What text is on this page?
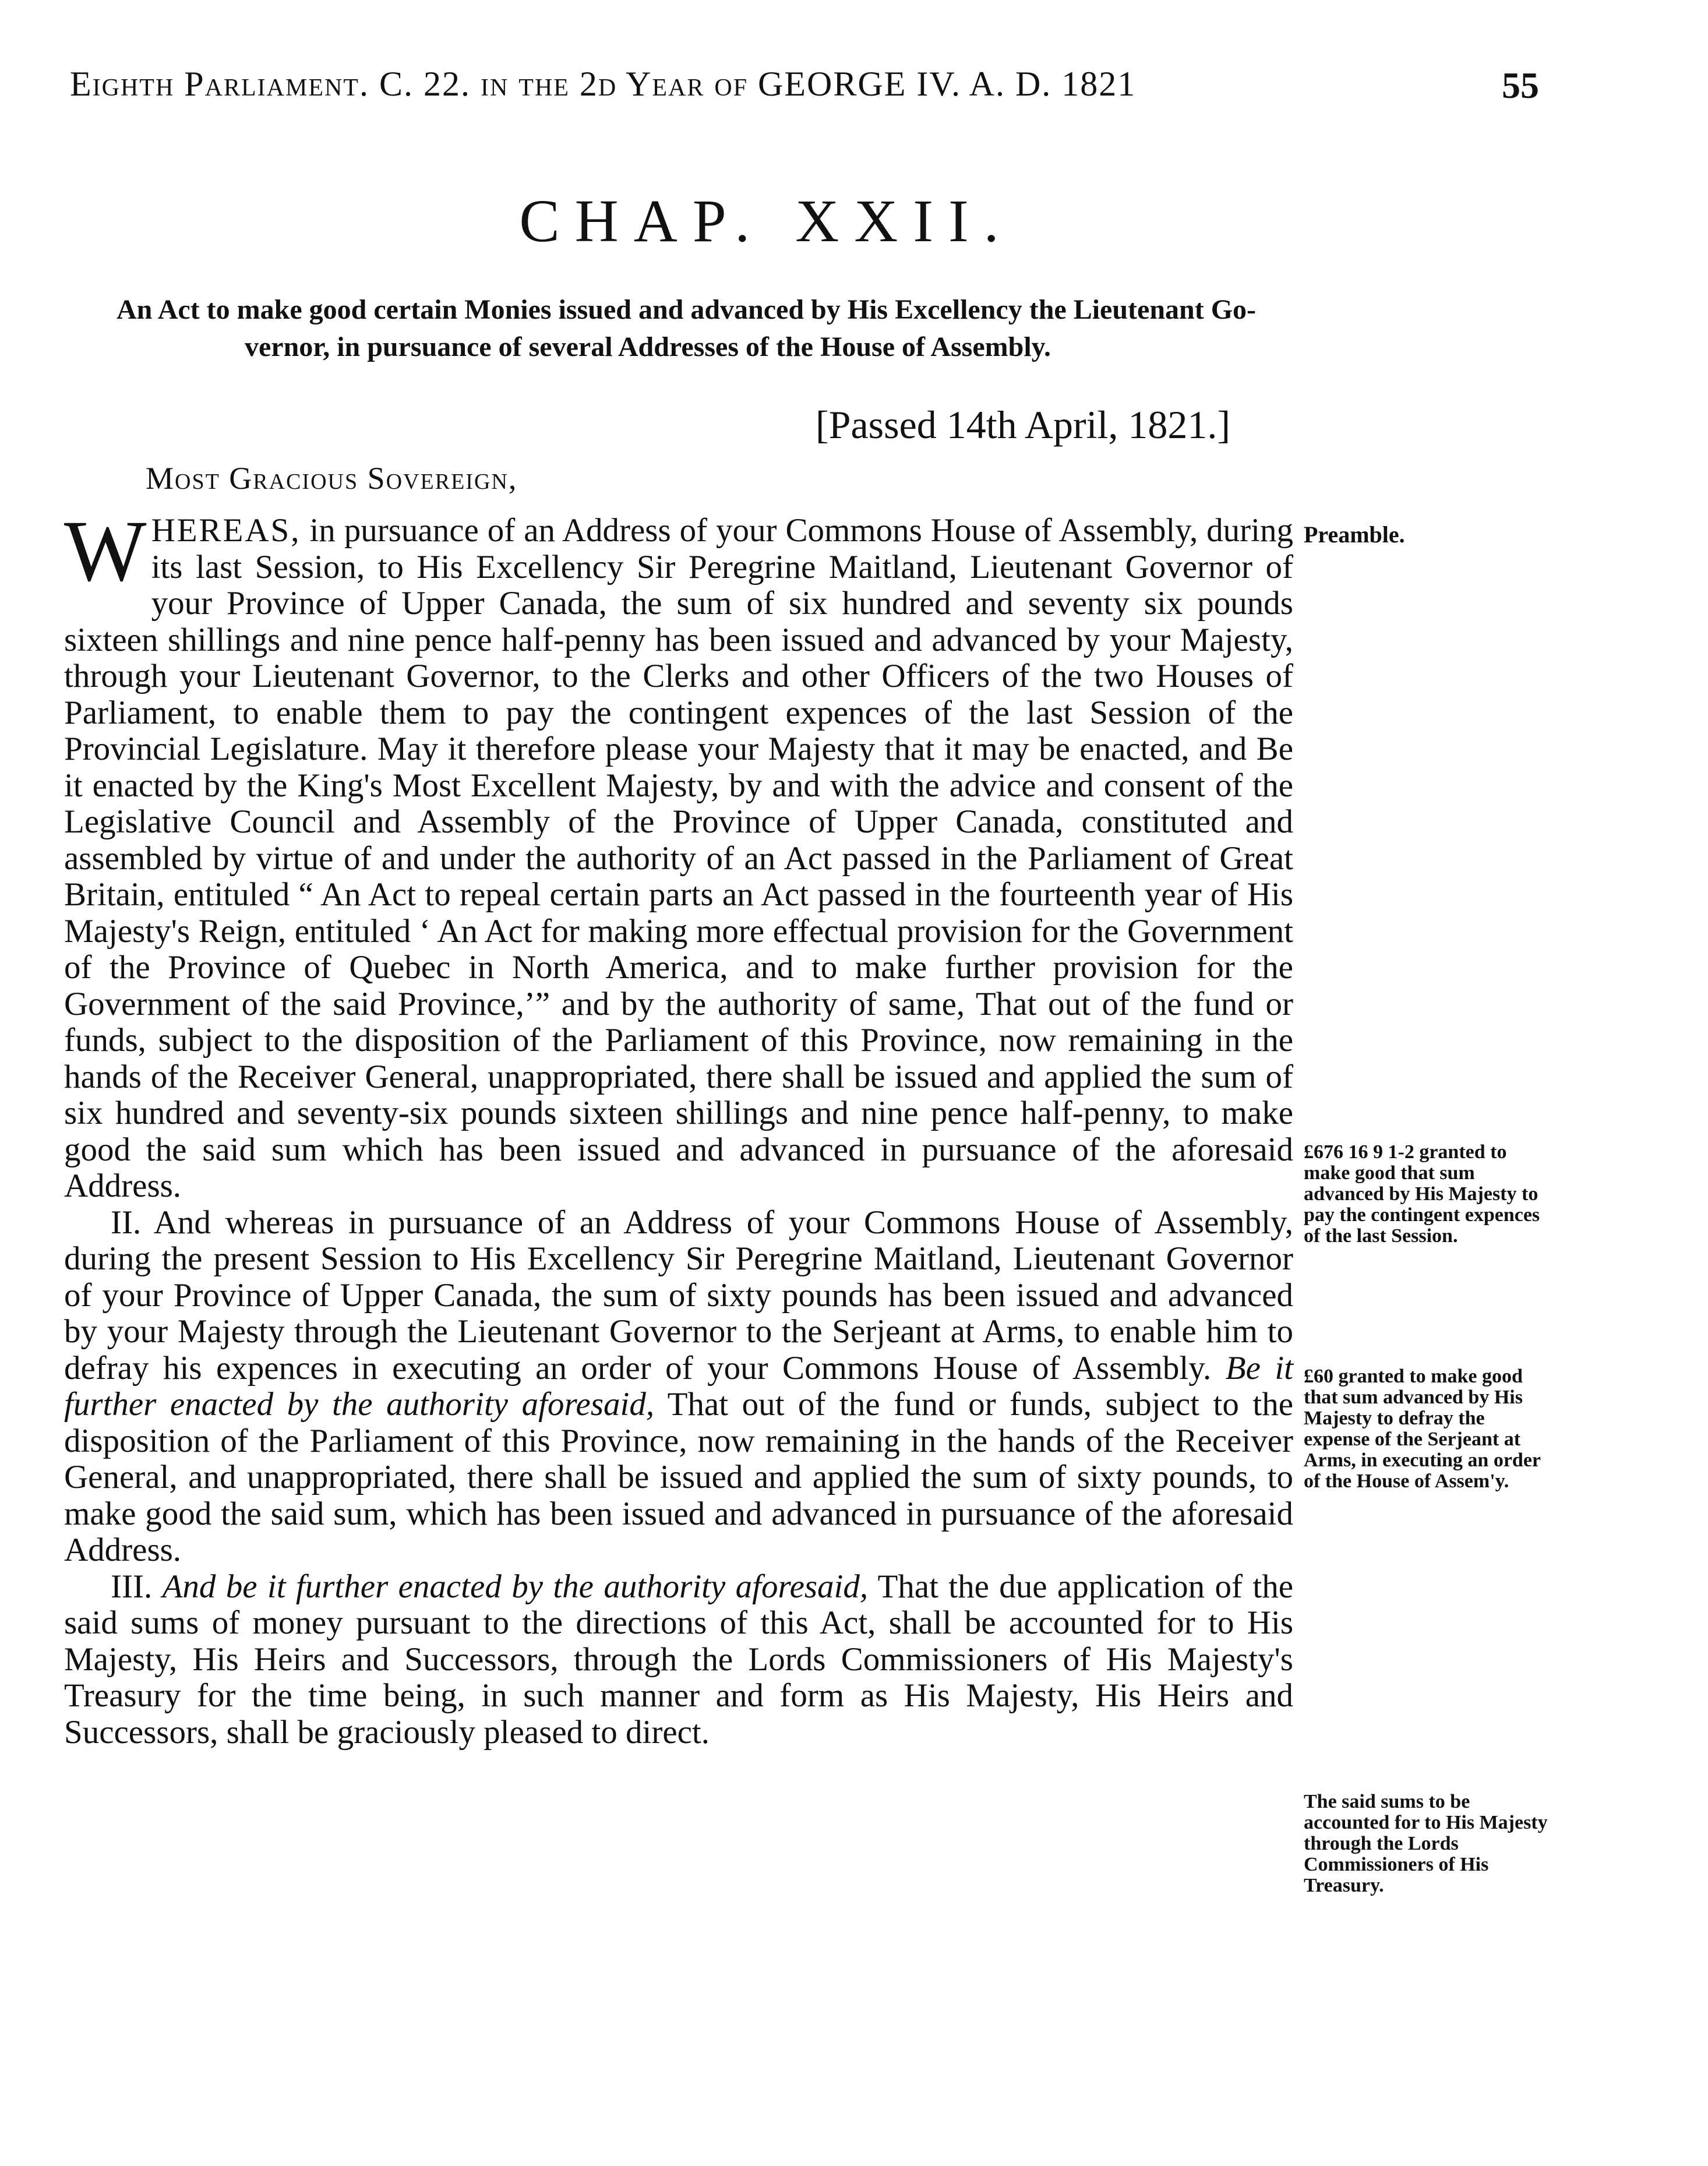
Eighth Parliament. C. 22. in the 2d Year of GEORGE IV. A. D. 1821	55
CHAP. XXII.
An Act to make good certain Monies issued and advanced by His Excellency the Lieutenant Go-
vernor, in pursuance of several Addresses of the House of Assembly.
[Passed 14th April, 1821.]
Most Gracious Sovereign,
WHEREAS, in pursuance of an Address of your Commons House of Assembly, during its last Session, to His Excellency Sir Peregrine Maitland, Lieutenant Governor of your Province of Upper Canada, the sum of six hundred and seventy six pounds sixteen shillings and nine pence half-penny has been issued and advanced by your Majesty, through your Lieutenant Governor, to the Clerks and other Officers of the two Houses of Parliament, to enable them to pay the contingent expences of the last Session of the Provincial Legislature. May it therefore please your Majesty that it may be enacted, and Be it enacted by the King's Most Excellent Majesty, by and with the advice and consent of the Legislative Council and Assembly of the Province of Upper Canada, constituted and assembled by virtue of and under the authority of an Act passed in the Parliament of Great Britain, entituled “ An Act to repeal certain parts an Act passed in the fourteenth year of His Majesty's Reign, entituled ‘ An Act for making more effectual provision for the Government of the Province of Quebec in North America, and to make further provision for the Government of the said Province,’” and by the authority of same, That out of the fund or funds, subject to the disposition of the Parliament of this Province, now remaining in the hands of the Receiver General, unappropriated, there shall be issued and applied the sum of six hundred and seventy-six pounds sixteen shillings and nine pence half-penny, to make good the said sum which has been issued and advanced in pursuance of the aforesaid Address.
II. And whereas in pursuance of an Address of your Commons House of Assembly, during the present Session to His Excellency Sir Peregrine Maitland, Lieutenant Governor of your Province of Upper Canada, the sum of sixty pounds has been issued and advanced by your Majesty through the Lieutenant Governor to the Serjeant at Arms, to enable him to defray his expences in executing an order of your Commons House of Assembly. Be it further enacted by the authority aforesaid, That out of the fund or funds, subject to the disposition of the Parliament of this Province, now remaining in the hands of the Receiver General, and unappropriated, there shall be issued and applied the sum of sixty pounds, to make good the said sum, which has been issued and advanced in pursuance of the aforesaid Address.
III. And be it further enacted by the authority aforesaid, That the due application of the said sums of money pursuant to the directions of this Act, shall be accounted for to His Majesty, His Heirs and Successors, through the Lords Commissioners of His Majesty's Treasury for the time being, in such manner and form as His Majesty, His Heirs and Successors, shall be graciously pleased to direct.
Preamble.
£676 16 9 1-2 granted to make good that sum advanced by His Majesty to pay the contingent expences of the last Session.
£60 granted to make good that sum advanced by His Majesty to defray the expense of the Serjeant at Arms, in executing an order of the House of Assem'y.
The said sums to be accounted for to His Majesty through the Lords Commissioners of His Treasury.
